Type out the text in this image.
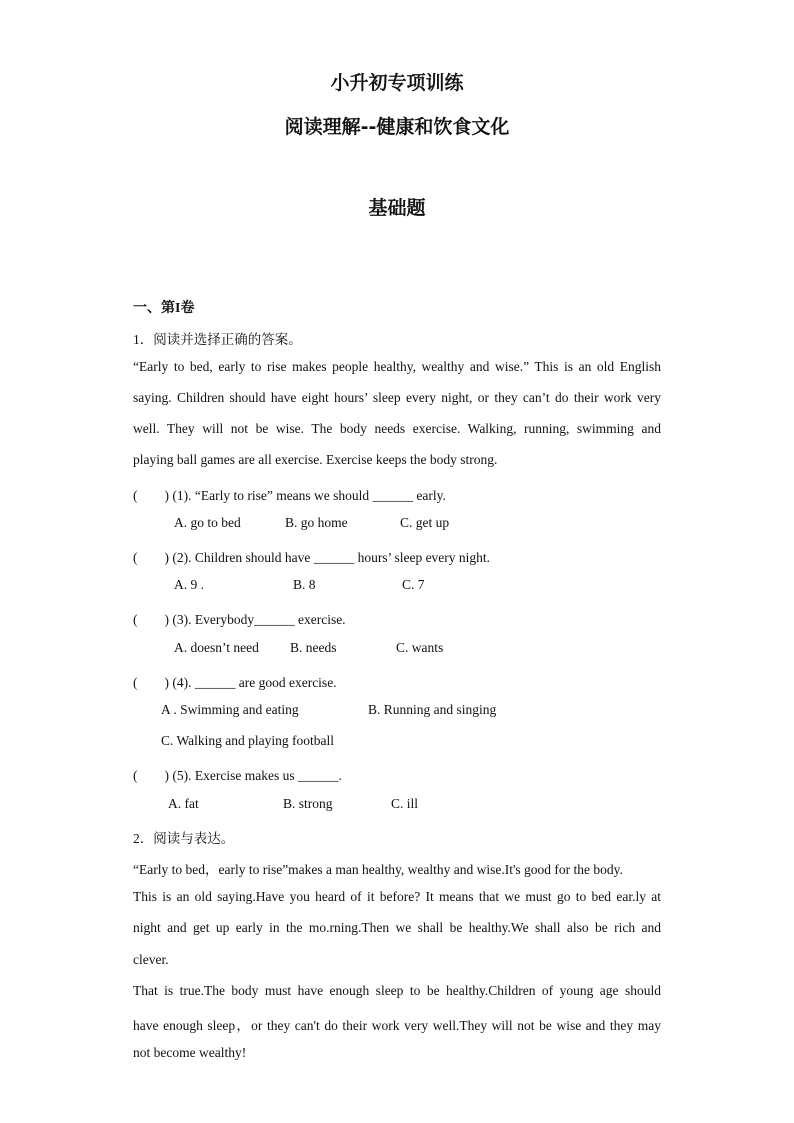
小升初专项训练
阅读理解--健康和饮食文化
基础题
一、第I卷
1．阅读并选择正确的答案。
“Early to bed, early to rise makes people healthy, wealthy and wise.” This is an old English
saying. Children should have eight hours’ sleep every night, or they can’t do their work very
well. They will not be wise. The body needs exercise. Walking, running, swimming and
playing ball games are all exercise. Exercise keeps the body strong.
(　　) (1). “Early to rise” means we should ______ early.
A. go to bed	B. go home	C. get up
(　　) (2). Children should have ______ hours’ sleep every night.
A. 9 .	B. 8	C. 7
(　　) (3). Everybody______ exercise.
A. doesn’t need B. needs	C. wants
(　　) (4). ______ are good exercise.
A . Swimming and eating	B. Running and singing
C. Walking and playing football
(　　) (5). Exercise makes us ______.
A. fat	B. strong	C. ill
2．阅读与表达。
“Early to bed，early to rise”makes a man healthy, wealthy and wise.It's good for the body.
This is an old saying.Have you heard of it before? It means that we must go to bed ear.ly at
night and get up early in the mo.rning.Then we shall be healthy.We shall also be rich and
clever.
That is true.The body must have enough sleep to be healthy.Children of young age should
have enough sleep，or they can't do their work very well.They will not be wise and they may
not become wealthy!
